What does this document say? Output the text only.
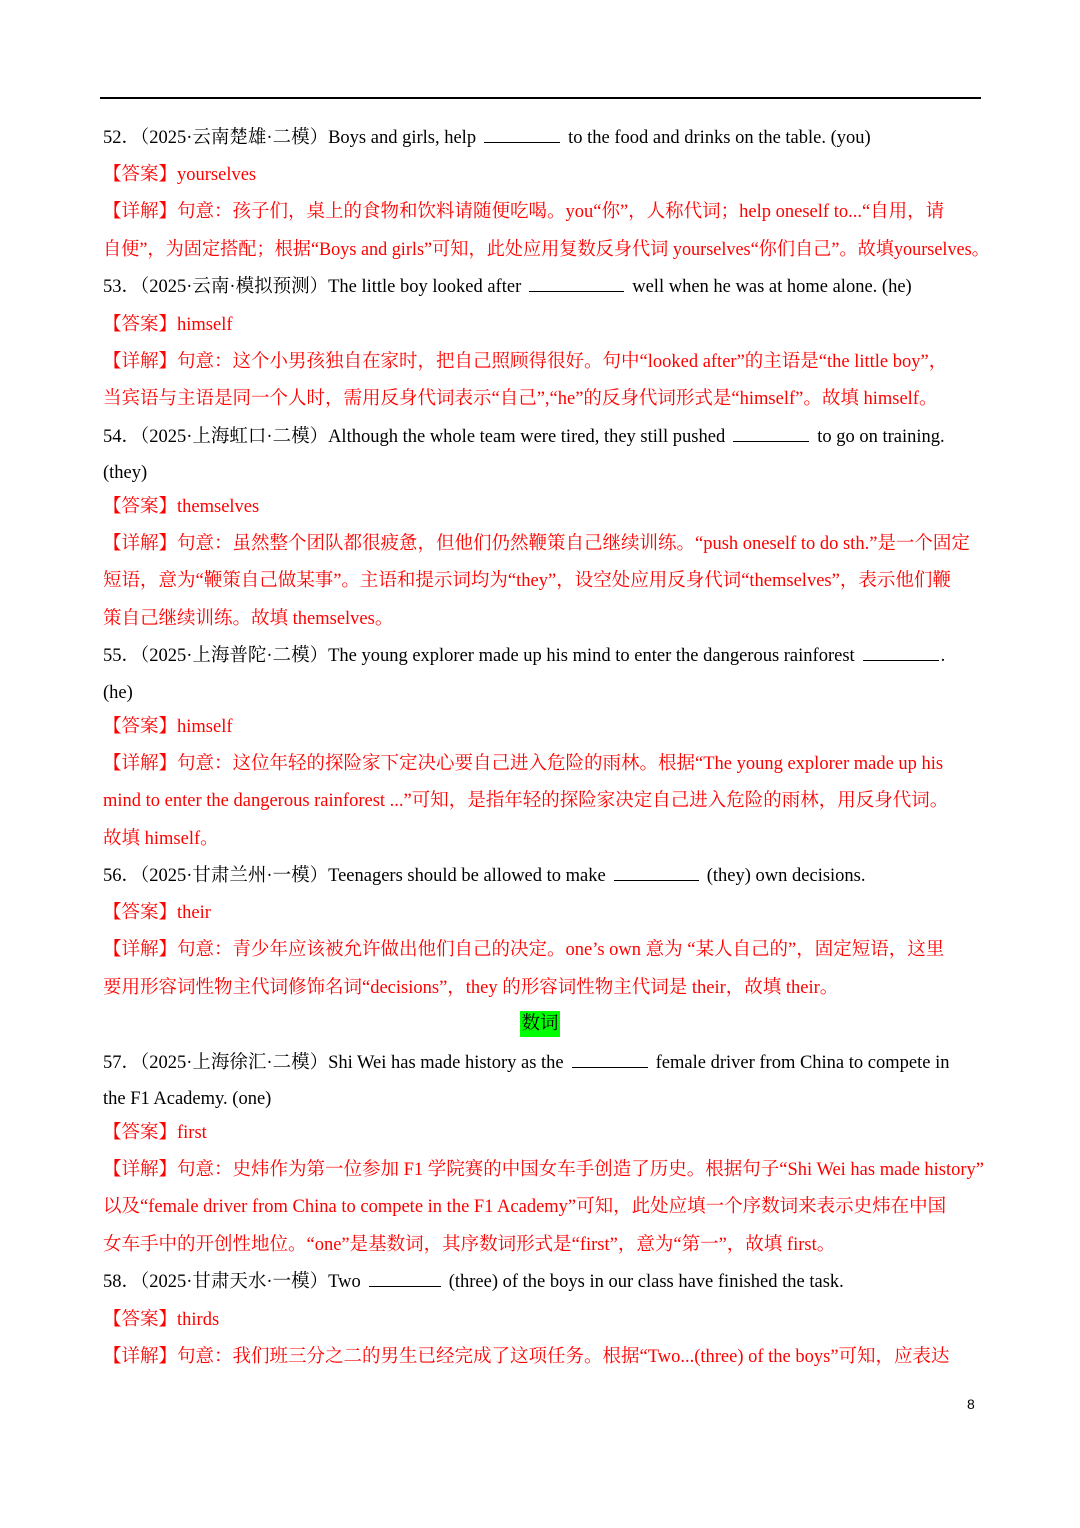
52．（2025·云南楚雄·二模）Boys and girls, help	to the food and drinks on the table. (you)
【答案】yourselves
【详解】句意：孩子们，桌上的食物和饮料请随便吃喝。you“你”，人称代词；help oneself to...“自用，请
自便”，为固定搭配；根据“Boys and girls”可知，此处应用复数反身代词 yourselves“你们自己”。故填yourselves。
53．（2025·云南·模拟预测）The little boy looked after	well when he was at home alone. (he)
【答案】himself
【详解】句意：这个小男孩独自在家时，把自己照顾得很好。句中“looked after”的主语是“the little boy”，
当宾语与主语是同一个人时，需用反身代词表示“自己”,“he”的反身代词形式是“himself”。故填 himself。
54．（2025·上海虹口·二模）Although the whole team were tired, they still pushed	to go on training.
(they)
【答案】themselves
【详解】句意：虽然整个团队都很疲惫，但他们仍然鞭策自己继续训练。“push oneself to do sth.”是一个固定
短语，意为“鞭策自己做某事”。主语和提示词均为“they”，设空处应用反身代词“themselves”，表示他们鞭
策自己继续训练。故填 themselves。
55．（2025·上海普陀·二模）The young explorer made up his mind to enter the dangerous rainforest	.
(he)
【答案】himself
【详解】句意：这位年轻的探险家下定决心要自己进入危险的雨林。根据“The young explorer made up his
mind to enter the dangerous rainforest ...”可知，是指年轻的探险家决定自己进入危险的雨林，用反身代词。
故填 himself。
56．（2025·甘肃兰州·一模）Teenagers should be allowed to make	(they) own decisions.
【答案】their
【详解】句意：青少年应该被允许做出他们自己的决定。one’s own 意为 “某人自己的”，固定短语，这里
要用形容词性物主代词修饰名词“decisions”，they 的形容词性物主代词是 their，故填 their。
数词
57．（2025·上海徐汇·二模）Shi Wei has made history as the	female driver from China to compete in
the F1 Academy. (one)
【答案】first
【详解】句意：史炜作为第一位参加 F1 学院赛的中国女车手创造了历史。根据句子“Shi Wei has made history”
以及“female driver from China to compete in the F1 Academy”可知，此处应填一个序数词来表示史炜在中国
女车手中的开创性地位。“one”是基数词，其序数词形式是“first”，意为“第一”，故填 first。
58．（2025·甘肃天水·一模）Two	(three) of the boys in our class have finished the task.
【答案】thirds
【详解】句意：我们班三分之二的男生已经完成了这项任务。根据“Two...(three) of the boys”可知，应表达
8
